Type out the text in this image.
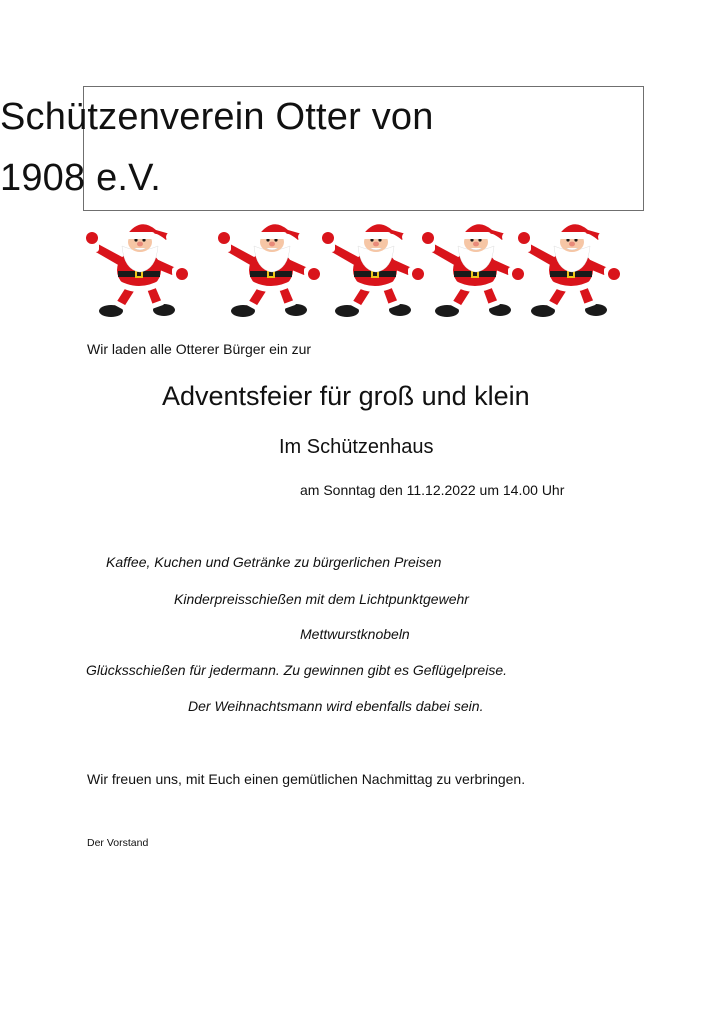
Schützenverein Otter von
1908 e.V.
Wir laden alle Otterer Bürger ein zur
Adventsfeier für groß und klein
Im Schützenhaus
am Sonntag den 11.12.2022 um 14.00 Uhr
Kaffee, Kuchen und Getränke zu bürgerlichen Preisen
Kinderpreisschießen mit dem Lichtpunktgewehr
Mettwurstknobeln
Glücksschießen für jedermann. Zu gewinnen gibt es Geflügelpreise.
Der Weihnachtsmann wird ebenfalls dabei sein.
Wir freuen uns, mit Euch einen gemütlichen Nachmittag zu verbringen.
Der Vorstand
